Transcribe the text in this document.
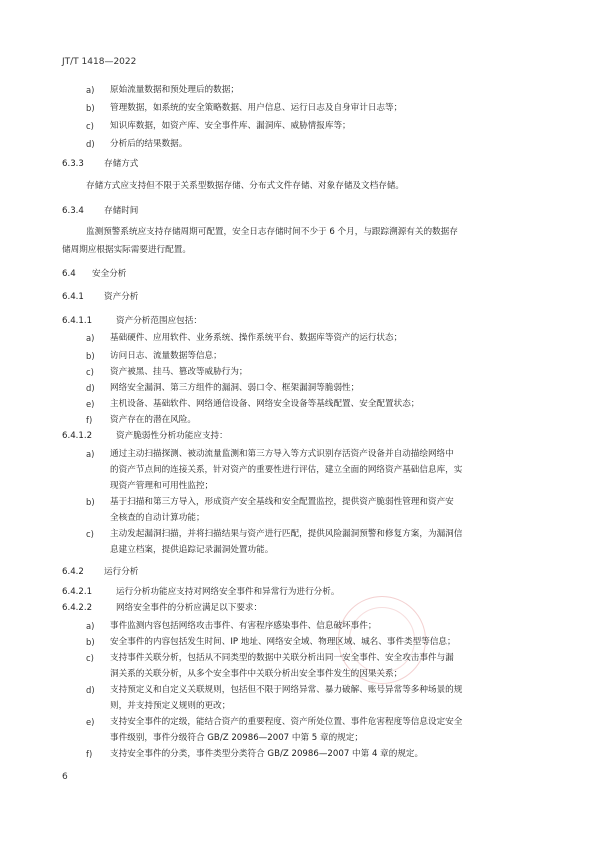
JT/T 1418—2022
a)	原始流量数据和预处理后的数据；
b)	管理数据，如系统的安全策略数据、用户信息、运行日志及自身审计日志等；
c)	知识库数据，如资产库、安全事件库、漏洞库、威胁情报库等；
d)	分析后的结果数据。
6.3.3 存储方式
存储方式应支持但不限于关系型数据存储、分布式文件存储、对象存储及文档存储。
6.3.4 存储时间
监测预警系统应支持存储周期可配置，安全日志存储时间不少于 6 个月，与跟踪溯源有关的数据存
储周期应根据实际需要进行配置。
6.4 安全分析
6.4.1 资产分析
6.4.1.1	资产分析范围应包括：
a)	基础硬件、应用软件、业务系统、操作系统平台、数据库等资产的运行状态；
b)	访问日志、流量数据等信息；
c)	资产被黑、挂马、篡改等威胁行为；
d)	网络安全漏洞、第三方组件的漏洞、弱口令、框架漏洞等脆弱性；
e)	主机设备、基础软件、网络通信设备、网络安全设备等基线配置、安全配置状态；
f)	资产存在的潜在风险。
6.4.1.2	资产脆弱性分析功能应支持：
a)	通过主动扫描探测、被动流量监测和第三方导入等方式识别存活资产设备并自动描绘网络中
的资产节点间的连接关系，针对资产的重要性进行评估，建立全面的网络资产基础信息库，实
现资产管理和可用性监控；
b)	基于扫描和第三方导入，形成资产安全基线和安全配置监控，提供资产脆弱性管理和资产安
全核查的自动计算功能；
c)	主动发起漏洞扫描，并将扫描结果与资产进行匹配，提供风险漏洞预警和修复方案，为漏洞信
息建立档案，提供追踪记录漏洞处置功能。
6.4.2 运行分析
6.4.2.1	运行分析功能应支持对网络安全事件和异常行为进行分析。
6.4.2.2	网络安全事件的分析应满足以下要求：
a)	事件监测内容包括网络攻击事件、有害程序感染事件、信息破坏事件；
b)	安全事件的内容包括发生时间、IP 地址、网络安全域、物理区域、城名、事件类型等信息；
c)	支持事件关联分析，包括从不同类型的数据中关联分析出同一安全事件、安全攻击事件与漏
洞关系的关联分析，从多个安全事件中关联分析出安全事件发生的因果关系；
d)	支持预定义和自定义关联规则，包括但不限于网络异常、暴力破解、账号异常等多种场景的规
则，并支持预定义规则的更改；
e)	支持安全事件的定级，能结合资产的重要程度、资产所处位置、事件危害程度等信息设定安全
事件级别，事件分级符合 GB/Z 20986—2007 中第 5 章的规定；
f)	支持安全事件的分类，事件类型分类符合 GB/Z 20986—2007 中第 4 章的规定。
6
